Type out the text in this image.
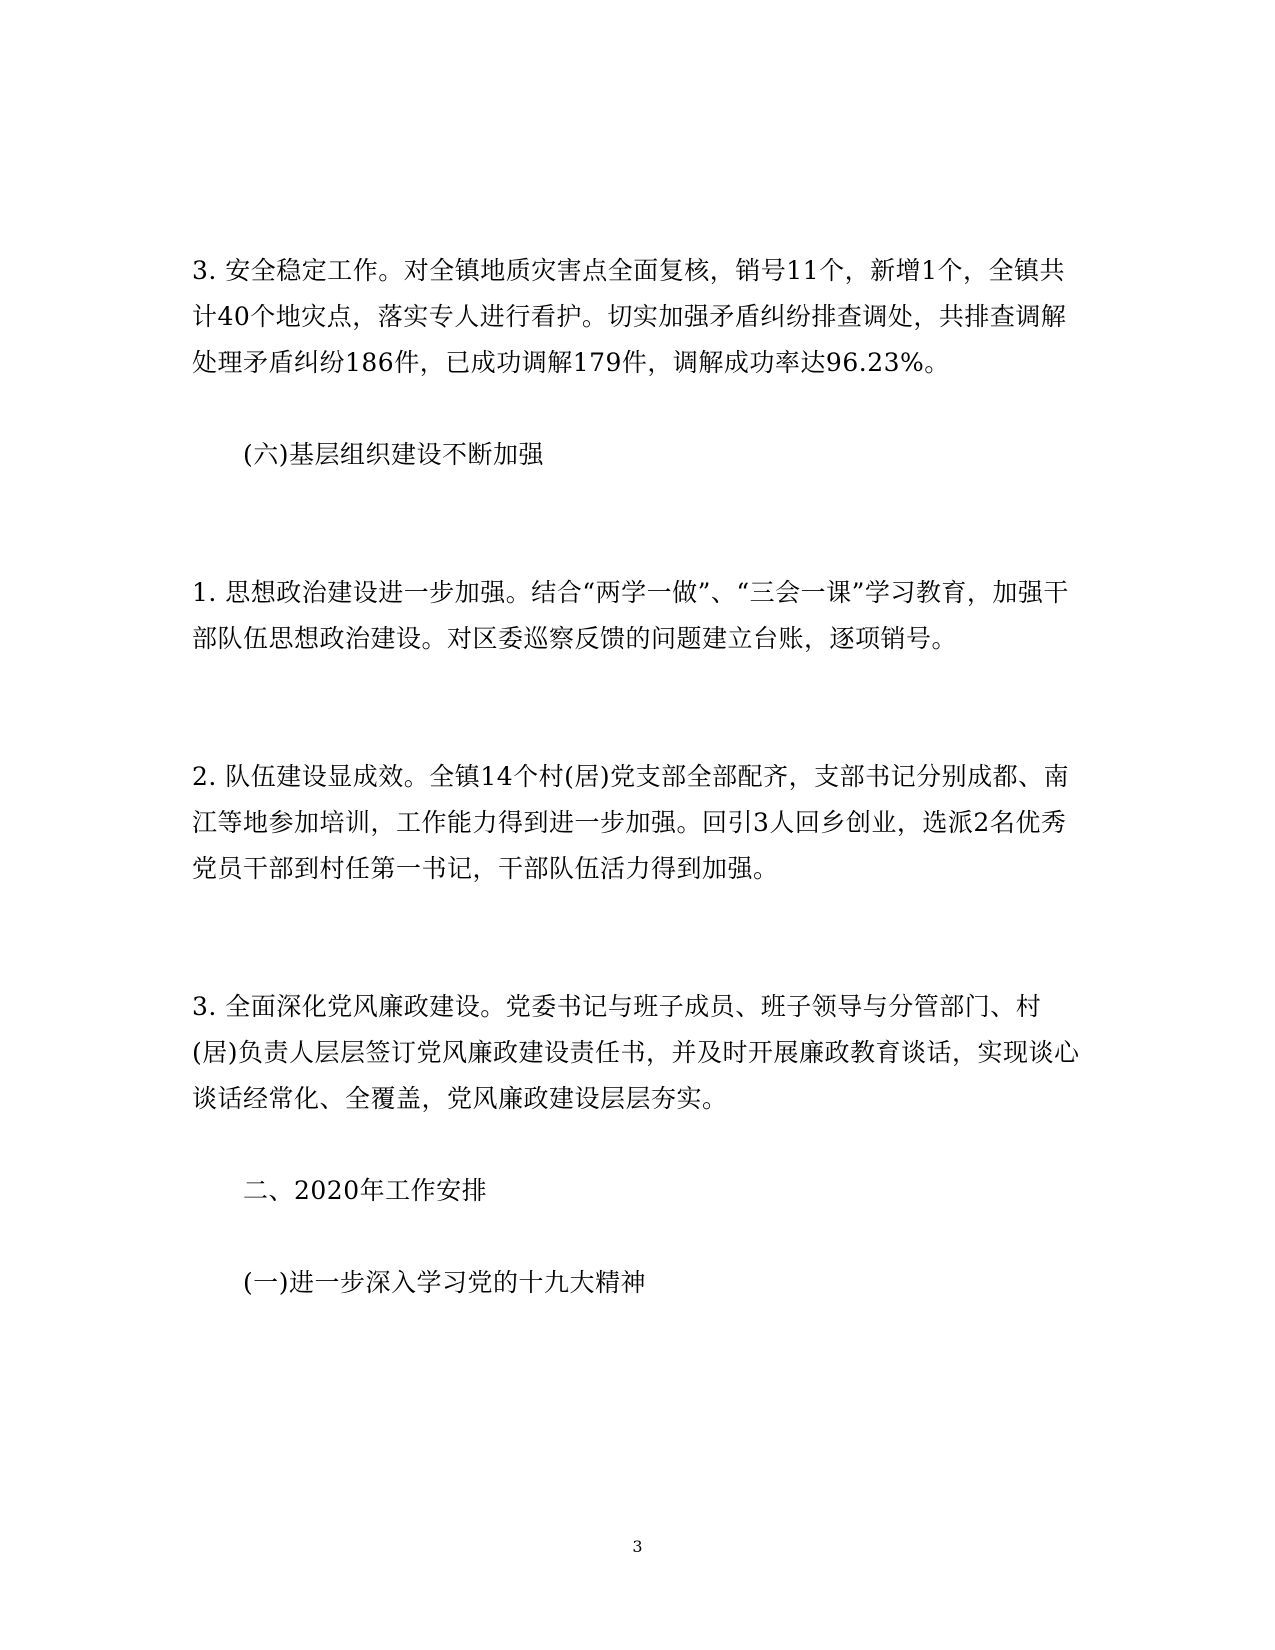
3. 安全稳定工作。对全镇地质灾害点全面复核，销号11个，新增1个，全镇共计40个地灾点，落实专人进行看护。切实加强矛盾纠纷排查调处，共排查调解处理矛盾纠纷186件，已成功调解179件，调解成功率达96.23%。

(六)基层组织建设不断加强

1. 思想政治建设进一步加强。结合“两学一做”、“三会一课”学习教育，加强干部队伍思想政治建设。对区委巡察反馈的问题建立台账，逐项销号。

2. 队伍建设显成效。全镇14个村(居)党支部全部配齐，支部书记分别成都、南江等地参加培训，工作能力得到进一步加强。回引3人回乡创业，选派2名优秀党员干部到村任第一书记，干部队伍活力得到加强。

3. 全面深化党风廉政建设。党委书记与班子成员、班子领导与分管部门、村(居)负责人层层签订党风廉政建设责任书，并及时开展廉政教育谈话，实现谈心谈话经常化、全覆盖，党风廉政建设层层夯实。

二、2020年工作安排

(一)进一步深入学习党的十九大精神

3
